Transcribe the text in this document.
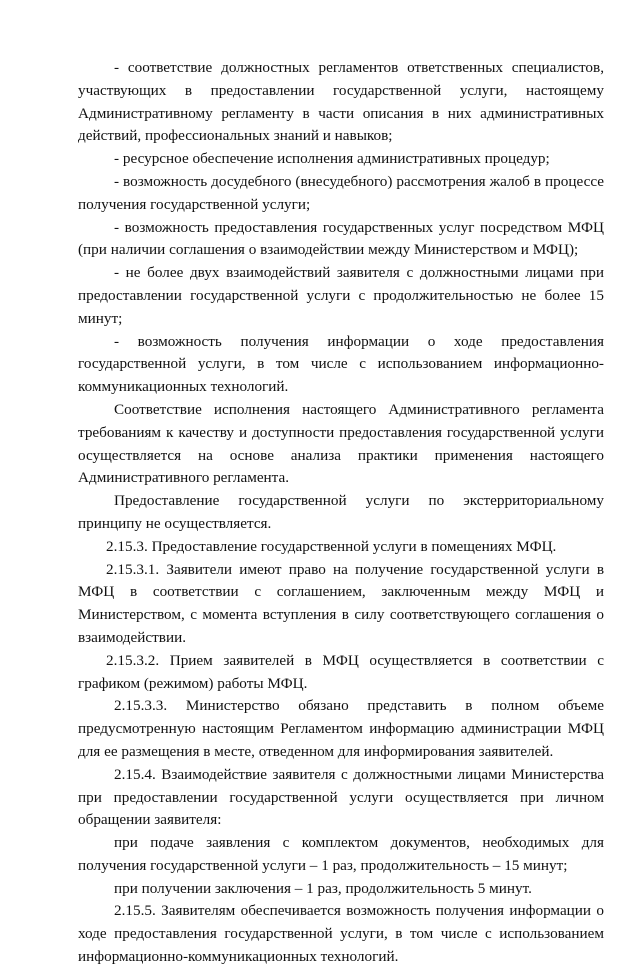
- соответствие должностных регламентов ответственных специалистов, участвующих в предоставлении государственной услуги, настоящему Административному регламенту в части описания в них административных действий, профессиональных знаний и навыков;

- ресурсное обеспечение исполнения административных процедур;

- возможность досудебного (внесудебного) рассмотрения жалоб в процессе получения государственной услуги;

- возможность предоставления государственных услуг посредством МФЦ (при наличии соглашения о взаимодействии между Министерством и МФЦ);

- не более двух взаимодействий заявителя с должностными лицами при предоставлении государственной услуги с продолжительностью не более 15 минут;

- возможность получения информации о ходе предоставления государственной услуги, в том числе с использованием информационно-коммуникационных технологий.

Соответствие исполнения настоящего Административного регламента требованиям к качеству и доступности предоставления государственной услуги осуществляется на основе анализа практики применения настоящего Административного регламента.

Предоставление государственной услуги по экстерриториальному принципу не осуществляется.

2.15.3. Предоставление государственной услуги в помещениях МФЦ.

2.15.3.1. Заявители имеют право на получение государственной услуги в МФЦ в соответствии с соглашением, заключенным между МФЦ и Министерством, с момента вступления в силу соответствующего соглашения о взаимодействии.

2.15.3.2. Прием заявителей в МФЦ осуществляется в соответствии с графиком (режимом) работы МФЦ.

2.15.3.3. Министерство обязано представить в полном объеме предусмотренную настоящим Регламентом информацию администрации МФЦ для ее размещения в месте, отведенном для информирования заявителей.

2.15.4. Взаимодействие заявителя с должностными лицами Министерства при предоставлении государственной услуги осуществляется при личном обращении заявителя:

при подаче заявления с комплектом документов, необходимых для получения государственной услуги – 1 раз, продолжительность – 15 минут;

при получении заключения – 1 раз, продолжительность 5 минут.

2.15.5. Заявителям обеспечивается возможность получения информации о ходе предоставления государственной услуги, в том числе с использованием информационно-коммуникационных технологий.
